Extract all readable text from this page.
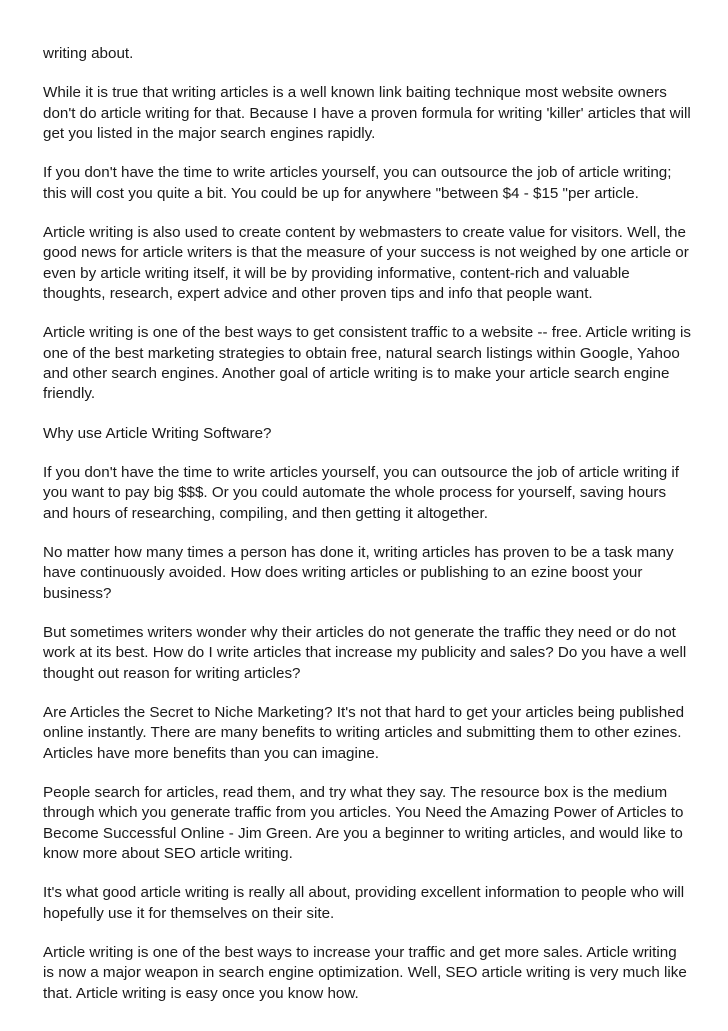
writing about.

While it is true that writing articles is a well known link baiting technique most website owners don't do article writing for that. Because I have a proven formula for writing 'killer' articles that will get you listed in the major search engines rapidly.

If you don't have the time to write articles yourself, you can outsource the job of article writing; this will cost you quite a bit. You could be up for anywhere "between $4 - $15 "per article.

Article writing is also used to create content by webmasters to create value for visitors. Well, the good news for article writers is that the measure of your success is not weighed by one article or even by article writing itself, it will be by providing informative, content-rich and valuable thoughts, research, expert advice and other proven tips and info that people want.

Article writing is one of the best ways to get consistent traffic to a website -- free. Article writing is one of the best marketing strategies to obtain free, natural search listings within Google, Yahoo and other search engines. Another goal of article writing is to make your article search engine friendly.

Why use Article Writing Software?

If you don't have the time to write articles yourself, you can outsource the job of article writing if you want to pay big $$$. Or you could automate the whole process for yourself, saving hours and hours of researching, compiling, and then getting it altogether.

No matter how many times a person has done it, writing articles has proven to be a task many have continuously avoided. How does writing articles or publishing to an ezine boost your business?

But sometimes writers wonder why their articles do not generate the traffic they need or do not work at its best. How do I write articles that increase my publicity and sales? Do you have a well thought out reason for writing articles?

Are Articles the Secret to Niche Marketing? It's not that hard to get your articles being published online instantly. There are many benefits to writing articles and submitting them to other ezines. Articles have more benefits than you can imagine.

People search for articles, read them, and try what they say. The resource box is the medium through which you generate traffic from you articles. You Need the Amazing Power of Articles to Become Successful Online - Jim Green. Are you a beginner to writing articles, and would like to know more about SEO article writing.

It's what good article writing is really all about, providing excellent information to people who will hopefully use it for themselves on their site.

Article writing is one of the best ways to increase your traffic and get more sales. Article writing is now a major weapon in search engine optimization. Well, SEO article writing is very much like that. Article writing is easy once you know how.
